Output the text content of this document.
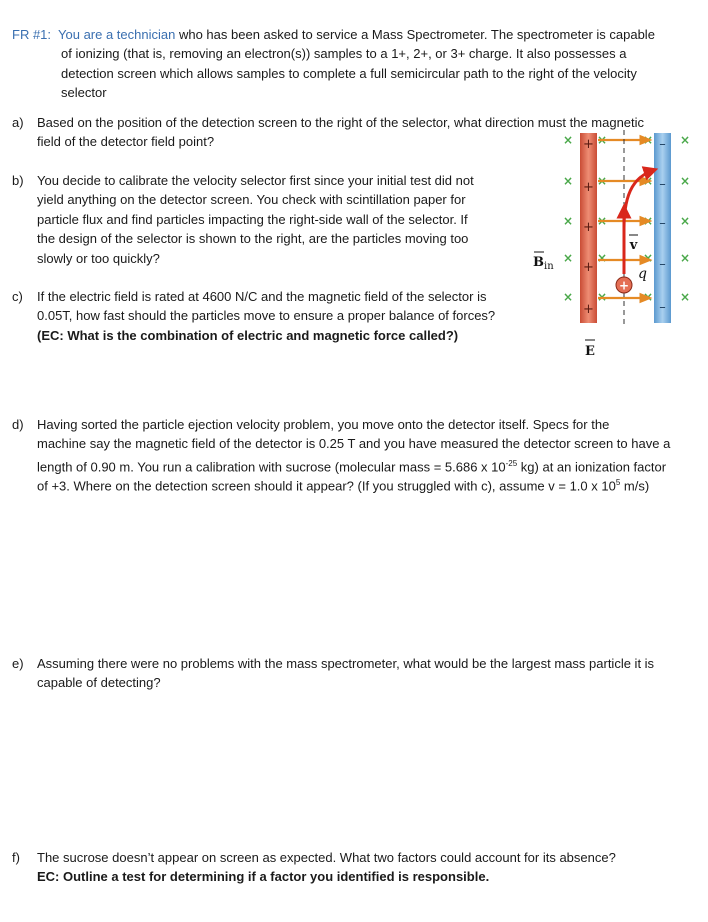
FR #1: You are a technician who has been asked to service a Mass Spectrometer. The spectrometer is capable
of ionizing (that is, removing an electron(s)) samples to a 1+, 2+, or 3+ charge. It also possesses a
detection screen which allows samples to complete a full semicircular path to the right of the velocity
selector
a) Based on the position of the detection screen to the right of the selector, what direction must the magnetic
field of the detector field point?
b) You decide to calibrate the velocity selector first since your initial test did not
yield anything on the detector screen. You check with scintillation paper for
particle flux and find particles impacting the right-side wall of the selector. If
the design of the selector is shown to the right, are the particles moving too
slowly or too quickly?
c) If the electric field is rated at 4600 N/C and the magnetic field of the selector is
0.05T, how fast should the particles move to ensure a proper balance of forces?
(EC: What is the combination of electric and magnetic force called?)
d) Having sorted the particle ejection velocity problem, you move onto the detector itself. Specs for the
machine say the magnetic field of the detector is 0.25 T and you have measured the detector screen to have a
length of 0.90 m. You run a calibration with sucrose (molecular mass = 5.686 x $10^{-25}$ kg) at an ionization factor
of +3. Where on the detection screen should it appear? (If you struggled with c), assume v = 1.0 x $10^5$ m/s)
e) Assuming there were no problems with the mass spectrometer, what would be the largest mass particle it is
capable of detecting?
f) The sucrose doesn’t appear on screen as expected. What two factors could account for its absence?
EC: Outline a test for determining if a factor you identified is responsible.
× ×	× ×
× ×	× ×
× ×	× ×
× ×	× ×
× ×	× ×
+
+
+
+
+
–
–
–
–
–
+
q
v
$B_{in}$
E
